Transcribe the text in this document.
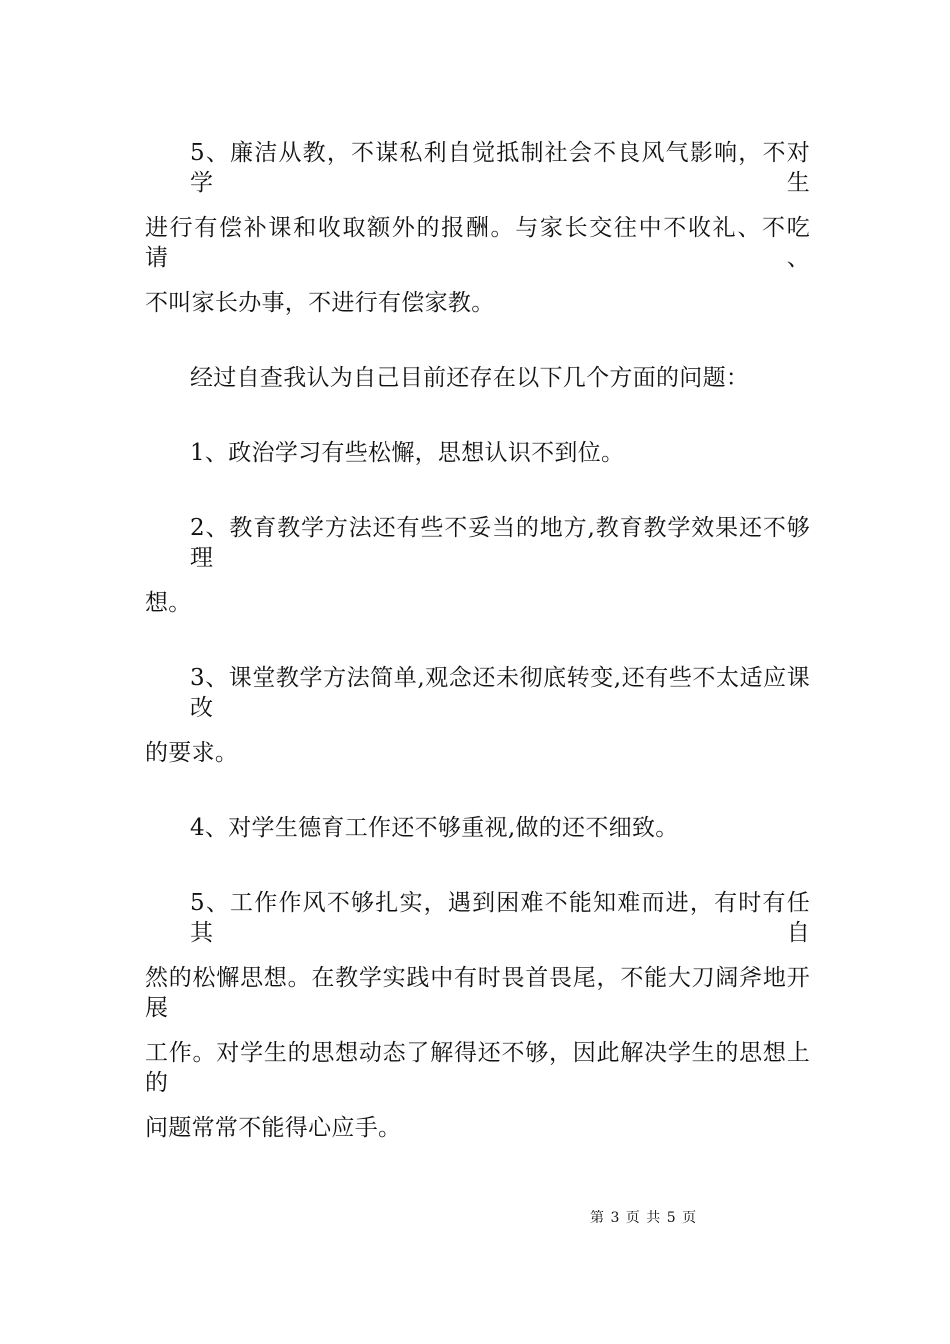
5、廉洁从教，不谋私利自觉抵制社会不良风气影响，不对学生
进行有偿补课和收取额外的报酬。与家长交往中不收礼、不吃请、
不叫家长办事，不进行有偿家教。
经过自查我认为自己目前还存在以下几个方面的问题：
1、政治学习有些松懈，思想认识不到位。
2、教育教学方法还有些不妥当的地方,教育教学效果还不够理
想。
3、课堂教学方法简单,观念还未彻底转变,还有些不太适应课改
的要求。
4、对学生德育工作还不够重视,做的还不细致。
5、工作作风不够扎实，遇到困难不能知难而进，有时有任其自
然的松懈思想。在教学实践中有时畏首畏尾，不能大刀阔斧地开展
工作。对学生的思想动态了解得还不够，因此解决学生的思想上的
问题常常不能得心应手。
第 3 页 共 5 页
